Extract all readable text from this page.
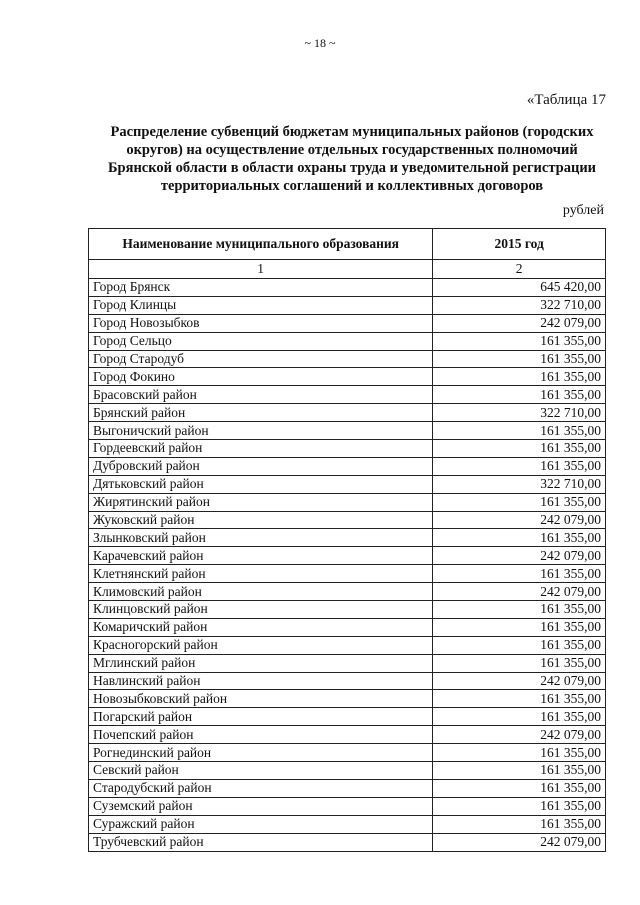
~ 18 ~
«Таблица 17
Распределение субвенций бюджетам муниципальных районов (городских
округов) на осуществление отдельных государственных полномочий
Брянской области в области охраны труда и уведомительной регистрации
территориальных соглашений и коллективных договоров
рублей
Наименование муниципального образования	2015 год
1	2
Город Брянск	645 420,00
Город Клинцы	322 710,00
Город Новозыбков	242 079,00
Город Сельцо	161 355,00
Город Стародуб	161 355,00
Город Фокино	161 355,00
Брасовский район	161 355,00
Брянский район	322 710,00
Выгоничский район	161 355,00
Гордеевский район	161 355,00
Дубровский район	161 355,00
Дятьковский район	322 710,00
Жирятинский район	161 355,00
Жуковский район	242 079,00
Злынковский район	161 355,00
Карачевский район	242 079,00
Клетнянский район	161 355,00
Климовский район	242 079,00
Клинцовский район	161 355,00
Комаричский район	161 355,00
Красногорский район	161 355,00
Мглинский район	161 355,00
Навлинский район	242 079,00
Новозыбковский район	161 355,00
Погарский район	161 355,00
Почепский район	242 079,00
Рогнединский район	161 355,00
Севский район	161 355,00
Стародубский район	161 355,00
Суземский район	161 355,00
Суражский район	161 355,00
Трубчевский район	242 079,00
